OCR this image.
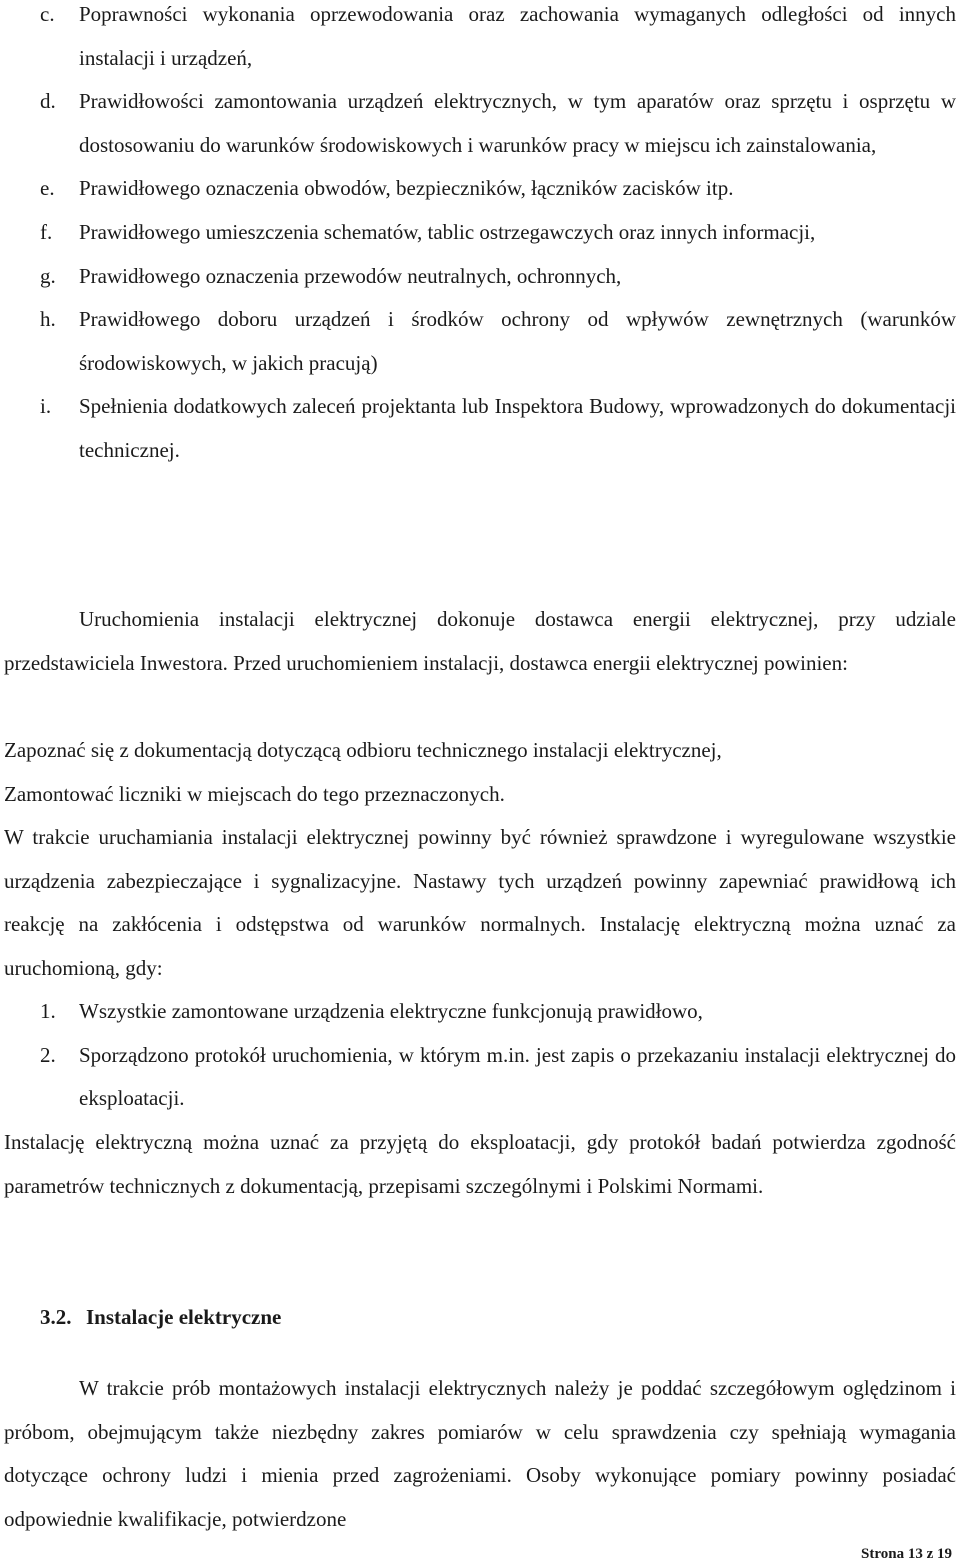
c. Poprawności wykonania oprzewodowania oraz zachowania wymaganych odległości od innych instalacji i urządzeń,
d. Prawidłowości zamontowania urządzeń elektrycznych, w tym aparatów oraz sprzętu i osprzętu w dostosowaniu do warunków środowiskowych i warunków pracy w miejscu ich zainstalowania,
e. Prawidłowego oznaczenia obwodów, bezpieczników, łączników zacisków itp.
f. Prawidłowego umieszczenia schematów, tablic ostrzegawczych oraz innych informacji,
g. Prawidłowego oznaczenia przewodów neutralnych, ochronnych,
h. Prawidłowego doboru urządzeń i środków ochrony od wpływów zewnętrznych (warunków środowiskowych, w jakich pracują)
i. Spełnienia dodatkowych zaleceń projektanta lub Inspektora Budowy, wprowadzonych do dokumentacji technicznej.

Uruchomienia instalacji elektrycznej dokonuje dostawca energii elektrycznej, przy udziale przedstawiciela Inwestora. Przed uruchomieniem instalacji, dostawca energii elektrycznej powinien:

Zapoznać się z dokumentacją dotyczącą odbioru technicznego instalacji elektrycznej,

Zamontować liczniki w miejscach do tego przeznaczonych.

W trakcie uruchamiania instalacji elektrycznej powinny być również sprawdzone i wyregulowane wszystkie urządzenia zabezpieczające i sygnalizacyjne. Nastawy tych urządzeń powinny zapewniać prawidłową ich reakcję na zakłócenia i odstępstwa od warunków normalnych. Instalację elektryczną można uznać za uruchomioną, gdy:

1. Wszystkie zamontowane urządzenia elektryczne funkcjonują prawidłowo,
2. Sporządzono protokół uruchomienia, w którym m.in. jest zapis o przekazaniu instalacji elektrycznej do eksploatacji.

Instalację elektryczną można uznać za przyjętą do eksploatacji, gdy protokół badań potwierdza zgodność parametrów technicznych z dokumentacją, przepisami szczególnymi i Polskimi Normami.

3.2. Instalacje elektryczne

W trakcie prób montażowych instalacji elektrycznych należy je poddać szczegółowym oględzinom i próbom, obejmującym także niezbędny zakres pomiarów w celu sprawdzenia czy spełniają wymagania dotyczące ochrony ludzi i mienia przed zagrożeniami. Osoby wykonujące pomiary powinny posiadać odpowiednie kwalifikacje, potwierdzone

Strona 13 z 19
